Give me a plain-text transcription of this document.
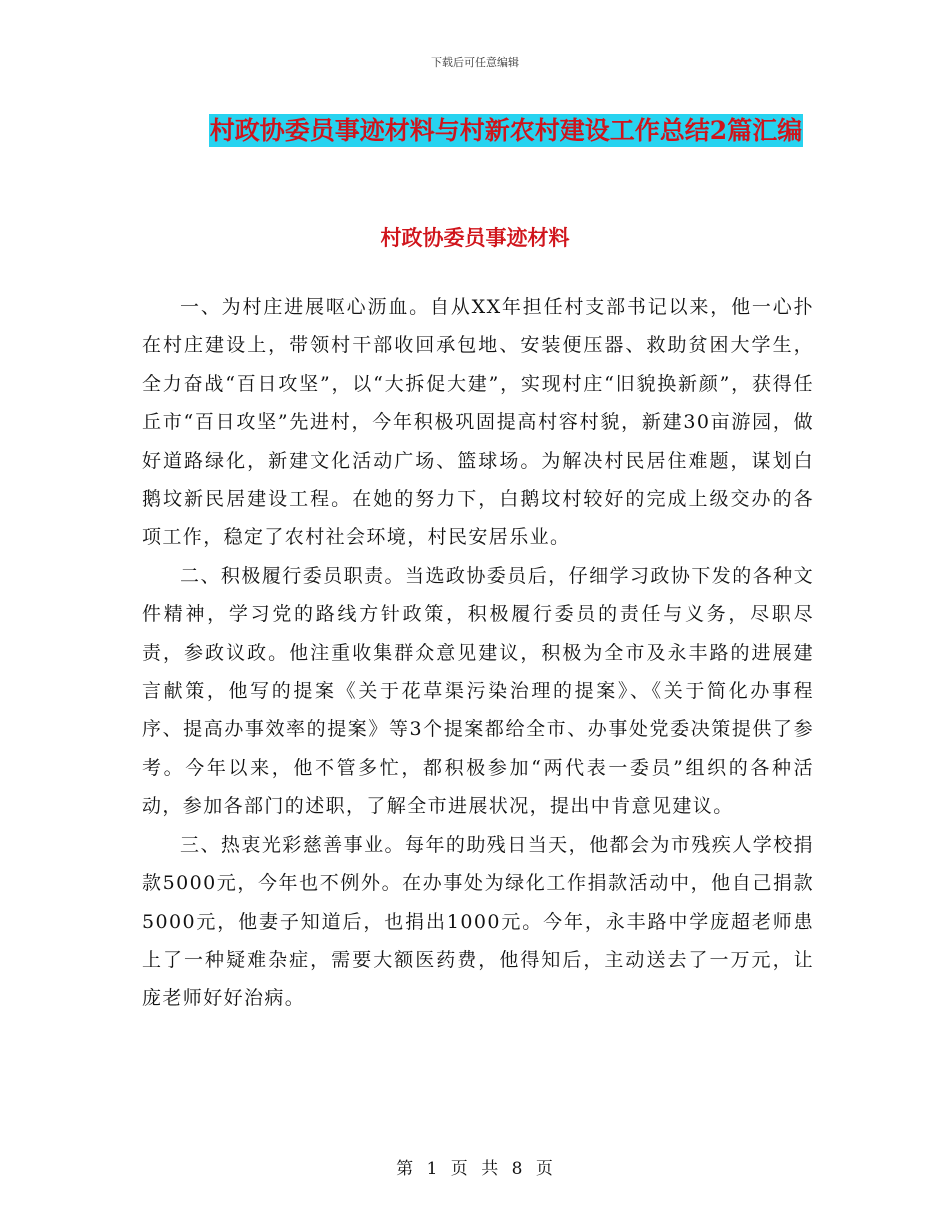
下载后可任意编辑
村政协委员事迹材料与村新农村建设工作总结2篇汇编
村政协委员事迹材料

一、为村庄进展呕心沥血。自从XX年担任村支部书记以来，他一心扑在村庄建设上，带领村干部收回承包地、安装便压器、救助贫困大学生，全力奋战“百日攻坚”，以“大拆促大建”，实现村庄“旧貌换新颜”，获得任丘市“百日攻坚”先进村，今年积极巩固提高村容村貌，新建30亩游园，做好道路绿化，新建文化活动广场、篮球场。为解决村民居住难题，谋划白鹅坟新民居建设工程。在她的努力下，白鹅坟村较好的完成上级交办的各项工作，稳定了农村社会环境，村民安居乐业。

二、积极履行委员职责。当选政协委员后，仔细学习政协下发的各种文件精神，学习党的路线方针政策，积极履行委员的责任与义务，尽职尽责，参政议政。他注重收集群众意见建议，积极为全市及永丰路的进展建言献策，他写的提案《关于花草渠污染治理的提案》、《关于简化办事程序、提高办事效率的提案》等3个提案都给全市、办事处党委决策提供了参考。今年以来，他不管多忙，都积极参加“两代表一委员”组织的各种活动，参加各部门的述职，了解全市进展状况，提出中肯意见建议。

三、热衷光彩慈善事业。每年的助残日当天，他都会为市残疾人学校捐款5000元，今年也不例外。在办事处为绿化工作捐款活动中，他自己捐款5000元，他妻子知道后，也捐出1000元。今年，永丰路中学庞超老师患上了一种疑难杂症，需要大额医药费，他得知后，主动送去了一万元，让庞老师好好治病。

第 1 页 共 8 页
